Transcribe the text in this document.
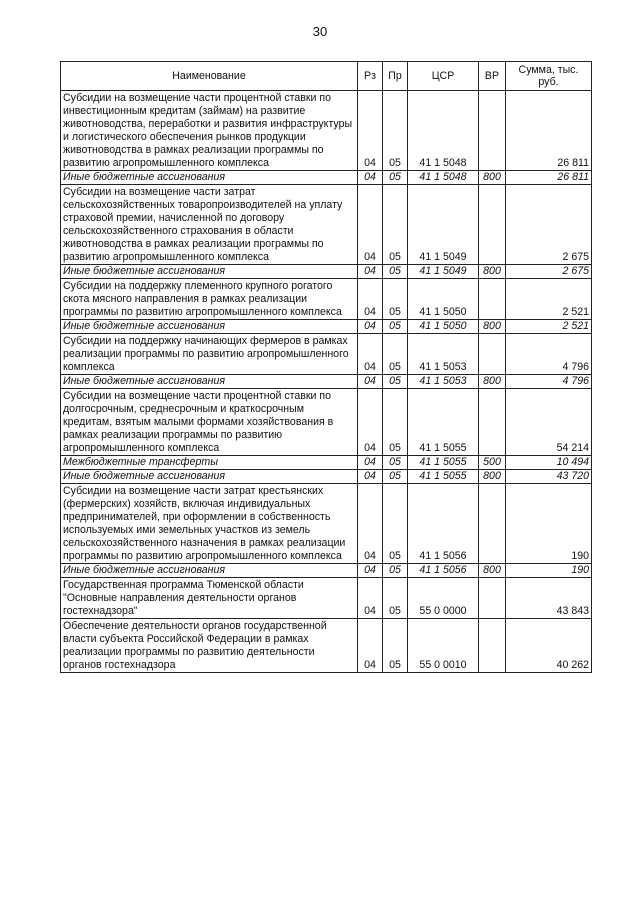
30
Наименование	Рз	Пр	ЦСР	ВР	Сумма, тыс. руб.
Субсидии на возмещение части процентной ставки по инвестиционным кредитам (займам) на развитие животноводства, переработки и развития инфраструктуры и логистического обеспечения рынков продукции животноводства в рамках реализации программы по развитию агропромышленного комплекса	04	05	41 1 5048		26 811
Иные бюджетные ассигнования	04	05	41 1 5048	800	26 811
Субсидии на возмещение части затрат сельскохозяйственных товаропроизводителей на уплату страховой премии, начисленной по договору сельскохозяйственного страхования в области животноводства в рамках реализации программы по развитию агропромышленного комплекса	04	05	41 1 5049		2 675
Иные бюджетные ассигнования	04	05	41 1 5049	800	2 675
Субсидии на поддержку племенного крупного рогатого скота мясного направления в рамках реализации программы по развитию агропромышленного комплекса	04	05	41 1 5050		2 521
Иные бюджетные ассигнования	04	05	41 1 5050	800	2 521
Субсидии на поддержку начинающих фермеров в рамках реализации программы по развитию агропромышленного комплекса	04	05	41 1 5053		4 796
Иные бюджетные ассигнования	04	05	41 1 5053	800	4 796
Субсидии на возмещение части процентной ставки по долгосрочным, среднесрочным и краткосрочным кредитам, взятым малыми формами хозяйствования в рамках реализации программы по развитию агропромышленного комплекса	04	05	41 1 5055		54 214
Межбюджетные трансферты	04	05	41 1 5055	500	10 494
Иные бюджетные ассигнования	04	05	41 1 5055	800	43 720
Субсидии на возмещение части затрат крестьянских (фермерских) хозяйств, включая индивидуальных предпринимателей, при оформлении в собственность используемых ими земельных участков из земель сельскохозяйственного назначения в рамках реализации программы по развитию агропромышленного комплекса	04	05	41 1 5056		190
Иные бюджетные ассигнования	04	05	41 1 5056	800	190
Государственная программа Тюменской области "Основные направления деятельности органов гостехнадзора"	04	05	55 0 0000		43 843
Обеспечение деятельности органов государственной власти субъекта Российской Федерации в рамках реализации программы по развитию деятельности органов гостехнадзора	04	05	55 0 0010		40 262
